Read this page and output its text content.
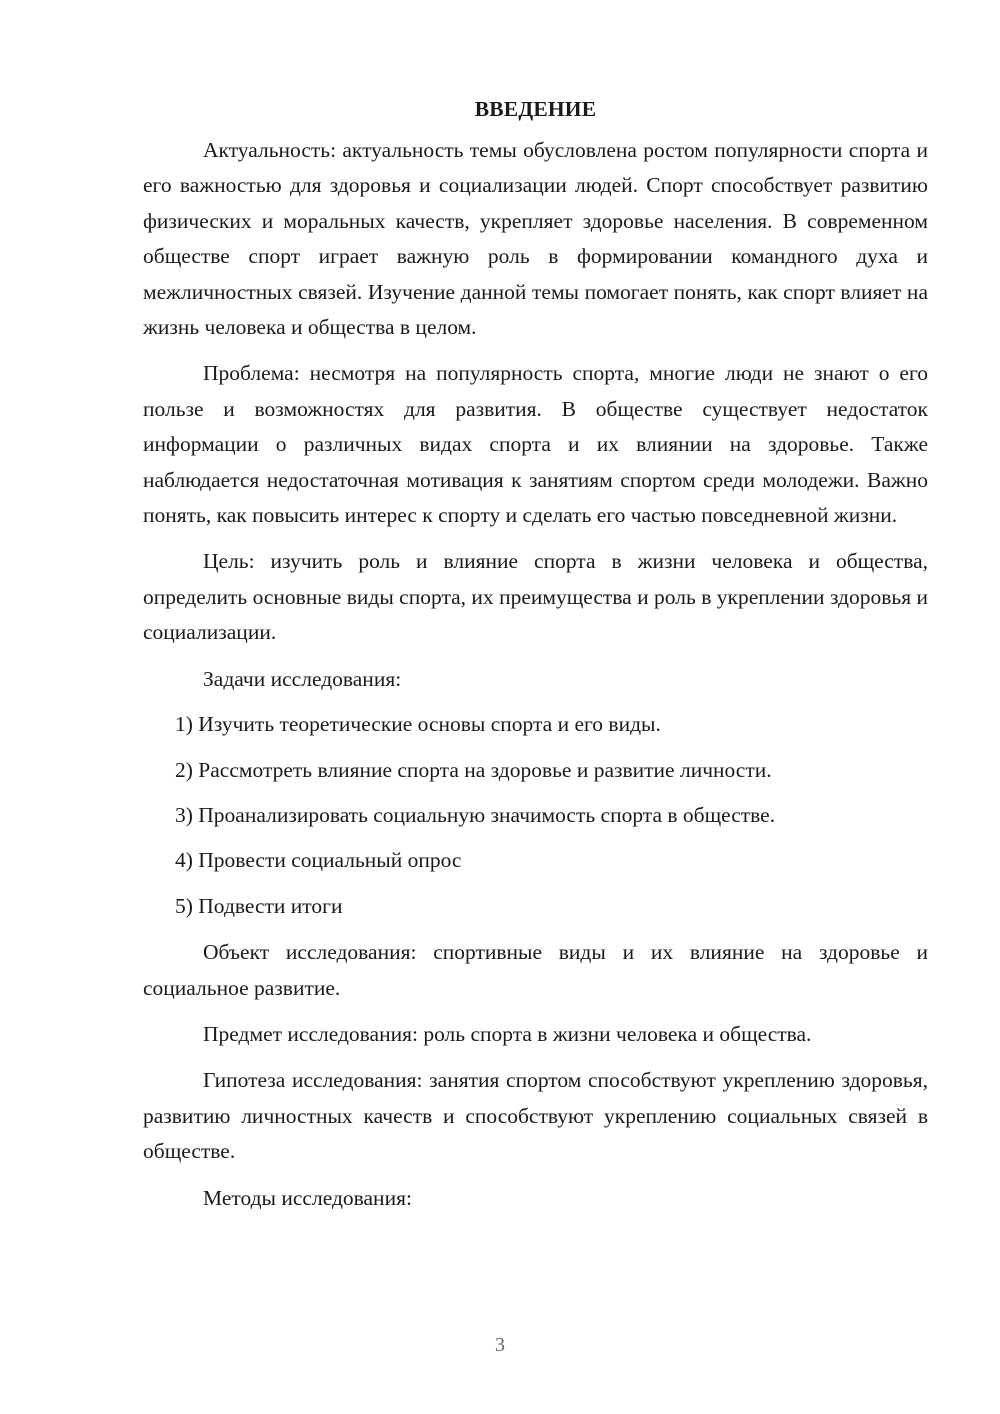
ВВЕДЕНИЕ

Актуальность: актуальность темы обусловлена ростом популярности спорта и его важностью для здоровья и социализации людей. Спорт способствует развитию физических и моральных качеств, укрепляет здоровье населения. В современном обществе спорт играет важную роль в формировании командного духа и межличностных связей. Изучение данной темы помогает понять, как спорт влияет на жизнь человека и общества в целом.

Проблема: несмотря на популярность спорта, многие люди не знают о его пользе и возможностях для развития. В обществе существует недостаток информации о различных видах спорта и их влиянии на здоровье. Также наблюдается недостаточная мотивация к занятиям спортом среди молодежи. Важно понять, как повысить интерес к спорту и сделать его частью повседневной жизни.

Цель: изучить роль и влияние спорта в жизни человека и общества, определить основные виды спорта, их преимущества и роль в укреплении здоровья и социализации.

Задачи исследования:

1) Изучить теоретические основы спорта и его виды.

2) Рассмотреть влияние спорта на здоровье и развитие личности.

3) Проанализировать социальную значимость спорта в обществе.

4) Провести социальный опрос

5) Подвести итоги

Объект исследования: спортивные виды и их влияние на здоровье и социальное развитие.

Предмет исследования: роль спорта в жизни человека и общества.

Гипотеза исследования: занятия спортом способствуют укреплению здоровья, развитию личностных качеств и способствуют укреплению социальных связей в обществе.

Методы исследования:

3
